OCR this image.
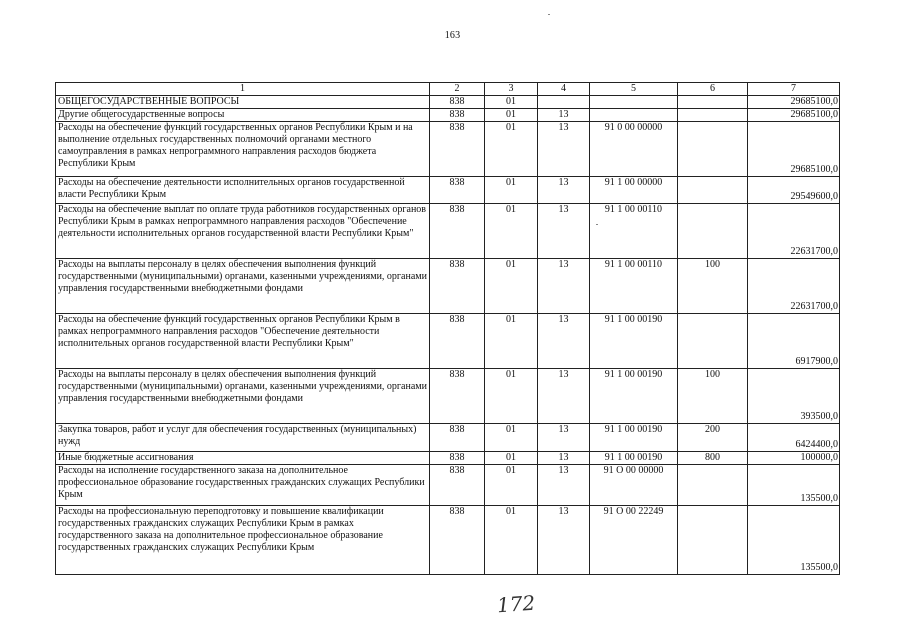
163
1	2	3	4	5	6	7
ОБЩЕГОСУДАРСТВЕННЫЕ ВОПРОСЫ	838	01				29685100,0
Другие общегосударственные вопросы	838	01	13			29685100,0
Расходы на обеспечение функций государственных органов Республики Крым и на выполнение отдельных государственных полномочий органами местного самоуправления в рамках непрограммного направления расходов бюджета Республики Крым	838	01	13	91 0 00 00000		29685100,0
Расходы на обеспечение деятельности исполнительных органов государственной власти Республики Крым	838	01	13	91 1 00 00000		29549600,0
Расходы на обеспечение выплат по оплате труда работников государственных органов Республики Крым в рамках непрограммного направления расходов "Обеспечение деятельности исполнительных органов государственной власти Республики Крым"	838	01	13	91 1 00 00110		22631700,0
Расходы на выплаты персоналу в целях обеспечения выполнения функций государственными (муниципальными) органами, казенными учреждениями, органами управления государственными внебюджетными фондами	838	01	13	91 1 00 00110	100	22631700,0
Расходы на обеспечение функций государственных органов Республики Крым в рамках непрограммного направления расходов "Обеспечение деятельности исполнительных органов государственной власти Республики Крым"	838	01	13	91 1 00 00190		6917900,0
Расходы на выплаты персоналу в целях обеспечения выполнения функций государственными (муниципальными) органами, казенными учреждениями, органами управления государственными внебюджетными фондами	838	01	13	91 1 00 00190	100	393500,0
Закупка товаров, работ и услуг для обеспечения государственных (муниципальных) нужд	838	01	13	91 1 00 00190	200	6424400,0
Иные бюджетные ассигнования	838	01	13	91 1 00 00190	800	100000,0
Расходы на исполнение государственного заказа на дополнительное профессиональное образование государственных гражданских служащих Республики Крым	838	01	13	91 О 00 00000		135500,0
Расходы на профессиональную переподготовку и повышение квалификации государственных гражданских служащих Республики Крым в рамках государственного заказа на дополнительное профессиональное образование государственных гражданских служащих Республики Крым	838	01	13	91 О 00 22249		135500,0
172
